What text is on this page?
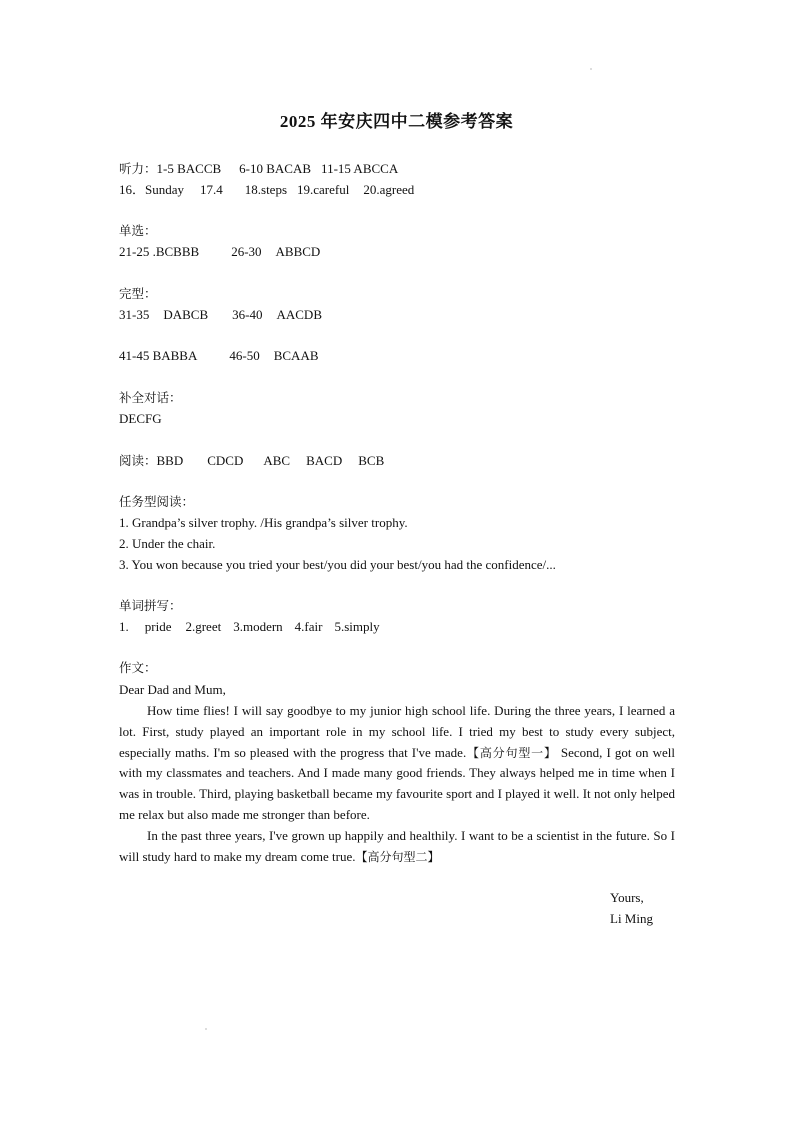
2025 年安庆四中二模参考答案
听力：1-5 BACCB 6-10 BACAB 11-15 ABCCA
16．Sunday 17.4 18.steps 19.careful 20.agreed
单选：
21-25 .BCBBB 26-30 ABBCD
完型：
31-35 DABCB 36-40 AACDB
41-45 BABBA 46-50 BCAAB
补全对话：
DECFG
阅读：BBD CDCD ABC BACD BCB
任务型阅读：
1. Grandpa’s silver trophy. /His grandpa’s silver trophy.
2. Under the chair.
3. You won because you tried your best/you did your best/you had the confidence/...
单词拼写：
1. pride 2.greet 3.modern 4.fair 5.simply
作文：
Dear Dad and Mum,

How time flies! I will say goodbye to my junior high school life. During the three years, I learned a lot. First, study played an important role in my school life. I tried my best to study every subject, especially maths. I'm so pleased with the progress that I've made.【高分句型一】 Second, I got on well with my classmates and teachers. And I made many good friends. They always helped me in time when I was in trouble. Third, playing basketball became my favourite sport and I played it well. It not only helped me relax but also made me stronger than before.

In the past three years, I've grown up happily and healthily. I want to be a scientist in the future. So I will study hard to make my dream come true.【高分句型二】

Yours,
Li Ming
